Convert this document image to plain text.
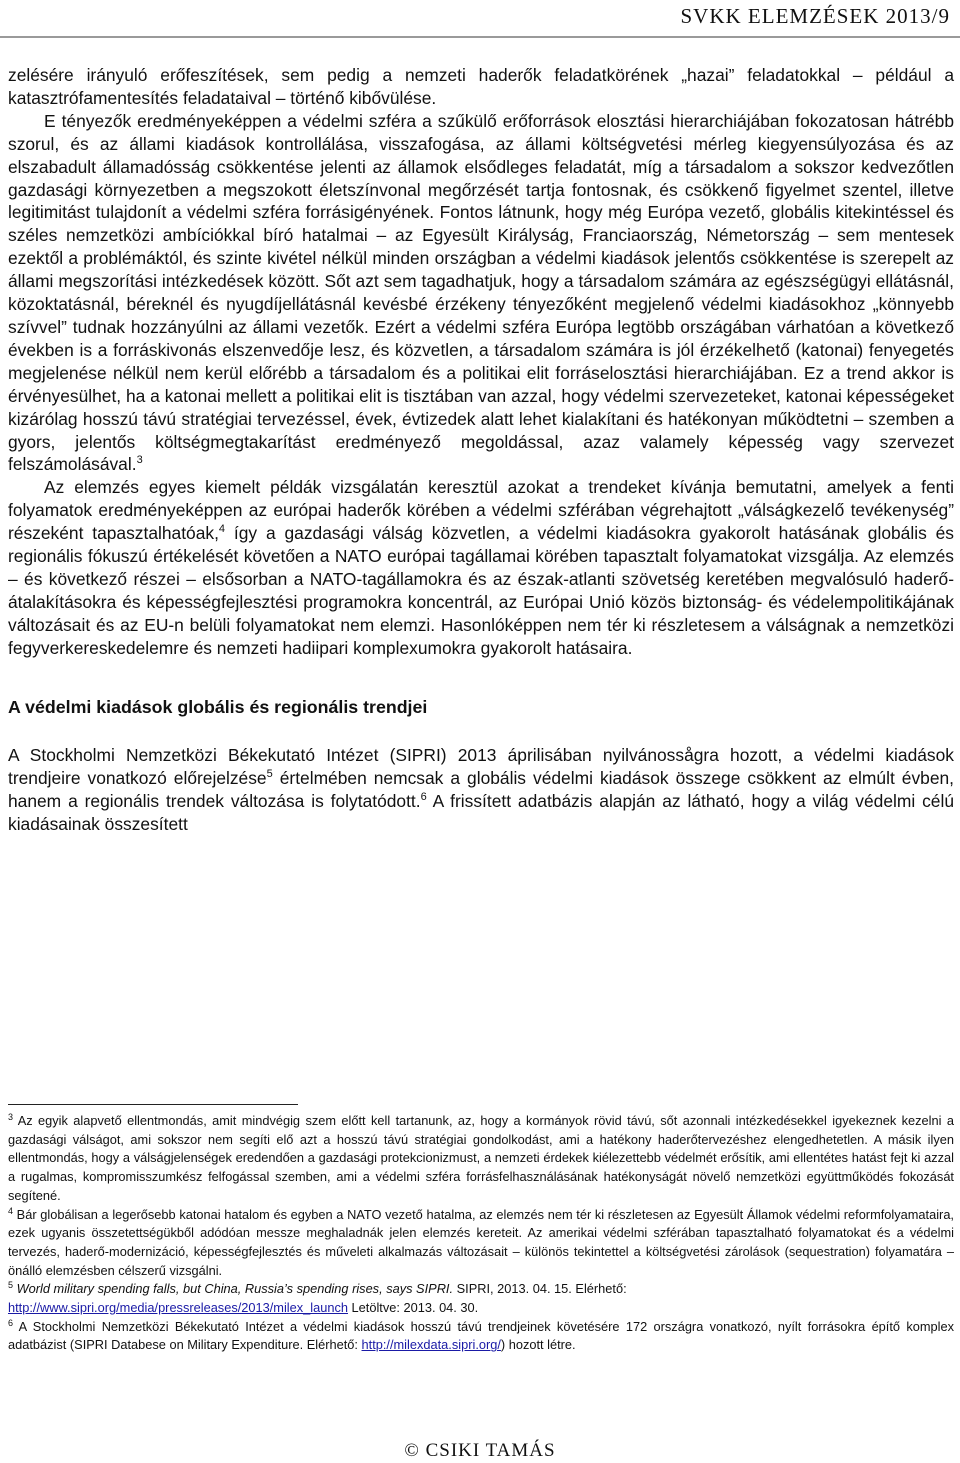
SVKK ELEMZÉSEK 2013/9

zelésére irányuló erőfeszítések, sem pedig a nemzeti haderők feladatkörének „hazai” feladatokkal – például a katasztrófamentesítés feladataival – történő kibővülése.

E tényezők eredményeképpen a védelmi szféra a szűkülő erőforrások elosztási hierarchiájában fokozatosan hátrébb szorul, és az állami kiadások kontrollálása, visszafogása, az állami költségvetési mérleg kiegyensúlyozása és az elszabadult államadósság csökkentése jelenti az államok elsődleges feladatát, míg a társadalom a sokszor kedvezőtlen gazdasági környezetben a megszokott életszínvonal megőrzését tartja fontosnak, és csökkenő figyelmet szentel, illetve legitimitást tulajdonít a védelmi szféra forrásigényének. Fontos látnunk, hogy még Európa vezető, globális kitekintéssel és széles nemzetközi ambíciókkal bíró hatalmai – az Egyesült Királyság, Franciaország, Németország – sem mentesek ezektől a problémáktól, és szinte kivétel nélkül minden országban a védelmi kiadások jelentős csökkentése is szerepelt az állami megszorítási intézkedések között. Sőt azt sem tagadhatjuk, hogy a társadalom számára az egészségügyi ellátásnál, közoktatásnál, béreknél és nyugdíjellátásnál kevésbé érzékeny tényezőként megjelenő védelmi kiadásokhoz „könnyebb szívvel” tudnak hozzányúlni az állami vezetők. Ezért a védelmi szféra Európa legtöbb országában várhatóan a következő években is a forráskivonás elszenvedője lesz, és közvetlen, a társadalom számára is jól érzékelhető (katonai) fenyegetés megjelenése nélkül nem kerül előrébb a társadalom és a politikai elit forráselosztási hierarchiájában. Ez a trend akkor is érvényesülhet, ha a katonai mellett a politikai elit is tisztában van azzal, hogy védelmi szervezeteket, katonai képességeket kizárólag hosszú távú stratégiai tervezéssel, évek, évtizedek alatt lehet kialakítani és hatékonyan működtetni – szemben a gyors, jelentős költségmegtakarítást eredményező megoldással, azaz valamely képesség vagy szervezet felszámolásával.$^3$

Az elemzés egyes kiemelt példák vizsgálatán keresztül azokat a trendeket kívánja bemutatni, amelyek a fenti folyamatok eredményeképpen az európai haderők körében a védelmi szférában végrehajtott „válságkezelő tevékenység” részeként tapasztalhatóak,$^4$ így a gazdasági válság közvetlen, a védelmi kiadásokra gyakorolt hatásának globális és regionális fókuszú értékelését követően a NATO európai tagállamai körében tapasztalt folyamatokat vizsgálja. Az elemzés – és következő részei – elsősorban a NATO-tagállamokra és az észak-atlanti szövetség keretében megvalósuló haderő-átalakításokra és képességfejlesztési programokra koncentrál, az Európai Unió közös biztonság- és védelempolitikájának változásait és az EU-n belüli folyamatokat nem elemzi. Hasonlóképpen nem tér ki részletesem a válságnak a nemzetközi fegyverkereskedelemre és nemzeti hadiipari komplexumokra gyakorolt hatásaira.

A védelmi kiadások globális és regionális trendjei

A Stockholmi Nemzetközi Békekutató Intézet (SIPRI) 2013 áprilisában nyilvánossågra hozott, a védelmi kiadások trendjeire vonatkozó előrejelzése$^5$ értelmében nemcsak a globális védelmi kiadások összege csökkent az elmúlt évben, hanem a regionális trendek változása is folytatódott.$^6$ A frissített adatbázis alapján az látható, hogy a világ védelmi célú kiadásainak összesített

$^3$ Az egyik alapvető ellentmondás, amit mindvégig szem előtt kell tartanunk, az, hogy a kormányok rövid távú, sőt azonnali intézkedésekkel igyekeznek kezelni a gazdasági válságot, ami sokszor nem segíti elő azt a hosszú távú stratégiai gondolkodást, ami a hatékony haderőtervezéshez elengedhetetlen. A másik ilyen ellentmondás, hogy a válságjelenségek eredendően a gazdasági protekcionizmust, a nemzeti érdekek kiélezettebb védelmét erősítik, ami ellentétes hatást fejt ki azzal a rugalmas, kompromisszumkész felfogással szemben, ami a védelmi szféra forrásfelhasználásának hatékonyságát növelő nemzetközi együttműködés fokozását segítené.

$^4$ Bár globálisan a legerősebb katonai hatalom és egyben a NATO vezető hatalma, az elemzés nem tér ki részletesen az Egyesült Államok védelmi reformfolyamataira, ezek ugyanis összetettségükből adódóan messze meghaladnák jelen elemzés kereteit. Az amerikai védelmi szférában tapasztalható folyamatokat és a védelmi tervezés, haderő-modernizáció, képességfejlesztés és műveleti alkalmazás változásait – különös tekintettel a költségvetési zárolások (sequestration) folyamatára – önálló elemzésben célszerű vizsgálni.

$^5$ World military spending falls, but China, Russia’s spending rises, says SIPRI. SIPRI, 2013. 04. 15. Elérhető:
http://www.sipri.org/media/pressreleases/2013/milex_launch Letöltve: 2013. 04. 30.

$^6$ A Stockholmi Nemzetközi Békekutató Intézet a védelmi kiadások hosszú távú trendjeinek követésére 172 országra vonatkozó, nyílt forrásokra építő komplex adatbázist (SIPRI Databese on Military Expenditure. Elérhető: http://milexdata.sipri.org/) hozott létre.

© CSIKI TAMÁS
